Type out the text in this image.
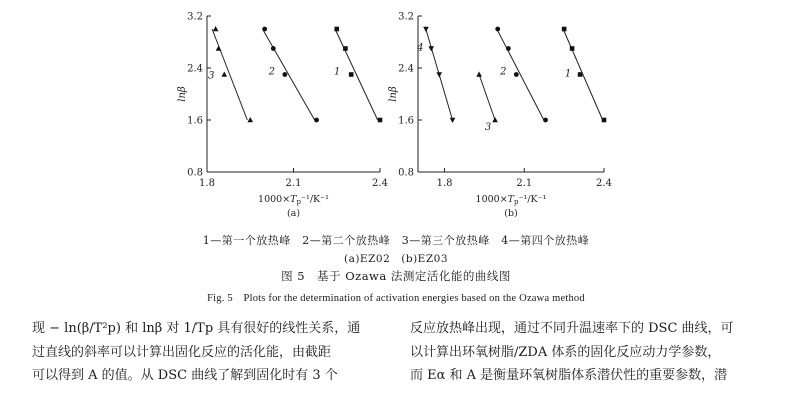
0.8
1.6
2.4
3.2
1.8	2.1	2.4
$1000\times T_p^{-1}/K^{-1}$
lnβ
(a)
1
2
3
0.8
1.6
2.4
3.2
1.8	2.1	2.4
$1000\times T_p^{-1}/K^{-1}$
lnβ
(b)
1
2
3
4
1—第一个放热峰　2—第二个放热峰　3—第三个放热峰　4—第四个放热峰
(a)EZ02　(b)EZ03
图 5　基于 Ozawa 法测定活化能的曲线图
Fig. 5　Plots for the determination of activation energies based on the Ozawa method
现 − ln(β/T²p) 和 lnβ 对 1/Tp 具有很好的线性关系，通
过直线的斜率可以计算出固化反应的活化能，由截距
可以得到 A 的值。从 DSC 曲线了解到固化时有 3 个
反应放热峰出现，通过不同升温速率下的 DSC 曲线，可
以计算出环氧树脂/ZDA 体系的固化反应动力学参数，
而 Eα 和 A 是衡量环氧树脂体系潜伏性的重要参数，潜
